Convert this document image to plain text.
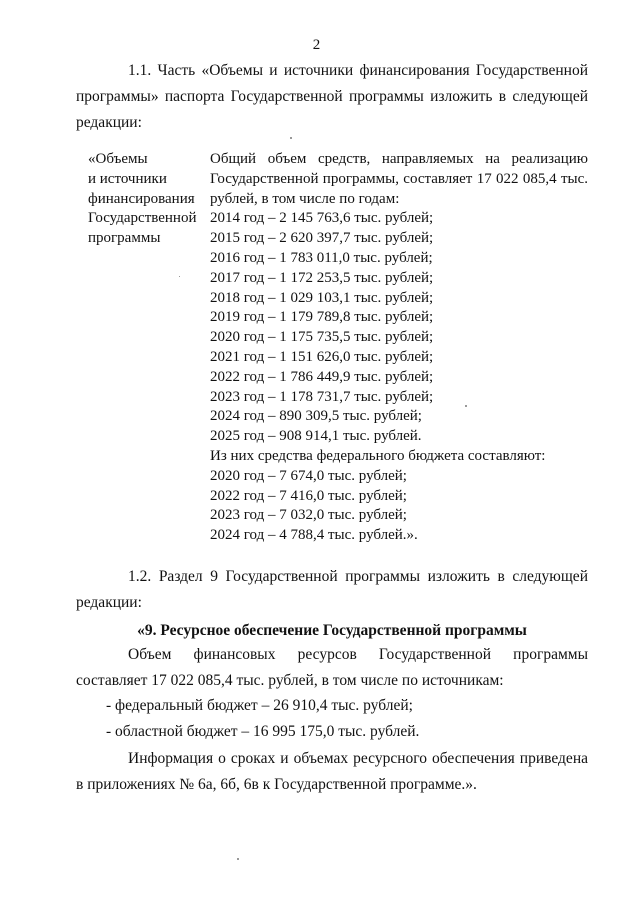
2

1.1. Часть «Объемы и источники финансирования Государственной программы» паспорта Государственной программы изложить в следующей редакции:

«Объемы
и источники
финансирования
Государственной
программы
Общий объем средств, направляемых на реализацию
Государственной программы, составляет 17 022 085,4 тыс.
рублей, в том числе по годам:
2014 год – 2 145 763,6 тыс. рублей;
2015 год – 2 620 397,7 тыс. рублей;
2016 год – 1 783 011,0 тыс. рублей;
2017 год – 1 172 253,5 тыс. рублей;
2018 год – 1 029 103,1 тыс. рублей;
2019 год – 1 179 789,8 тыс. рублей;
2020 год – 1 175 735,5 тыс. рублей;
2021 год – 1 151 626,0 тыс. рублей;
2022 год – 1 786 449,9 тыс. рублей;
2023 год – 1 178 731,7 тыс. рублей;
2024 год – 890 309,5 тыс. рублей;
2025 год – 908 914,1 тыс. рублей.
Из них средства федерального бюджета составляют:
2020 год – 7 674,0 тыс. рублей;
2022 год – 7 416,0 тыс. рублей;
2023 год – 7 032,0 тыс. рублей;
2024 год – 4 788,4 тыс. рублей.».

1.2. Раздел 9 Государственной программы изложить в следующей редакции:

«9. Ресурсное обеспечение Государственной программы

Объем финансовых ресурсов Государственной программы составляет 17 022 085,4 тыс. рублей, в том числе по источникам:

- федеральный бюджет – 26 910,4 тыс. рублей;
- областной бюджет – 16 995 175,0 тыс. рублей.

Информация о сроках и объемах ресурсного обеспечения приведена в приложениях № 6а, 6б, 6в к Государственной программе.».
